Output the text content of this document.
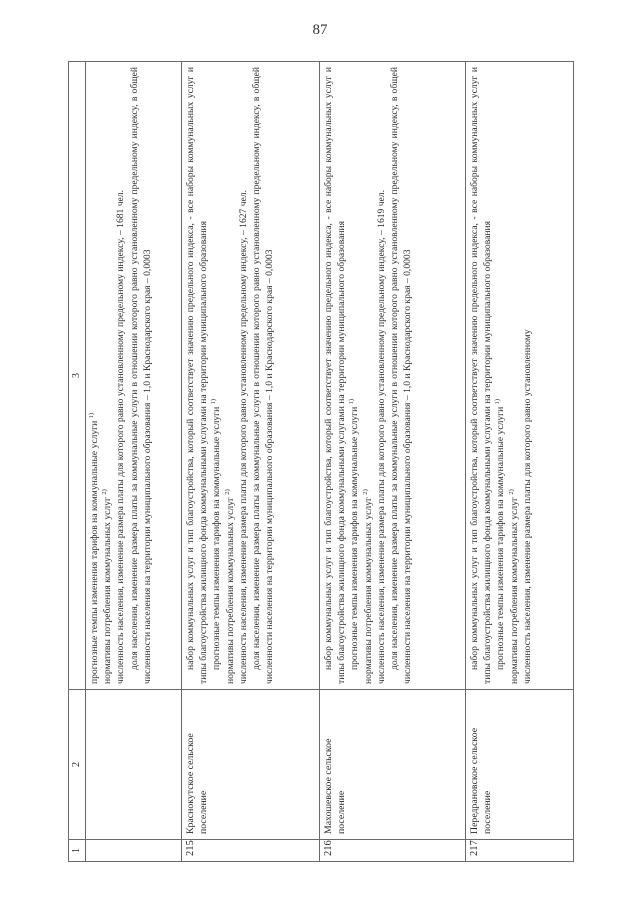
87
1	2	3

		прогнозные темпы изменения тарифов на коммунальные услуги $^{1)}$

нормативы потребления коммунальных услуг $^{2)}$ численность населения, изменение размера платы для которого равно установленному предельному индексу, – 1681 чел. доля населения, изменение размера платы за коммунальные услуги в отношении которого равно установленному предельному индексу, в общей численности населения на территории муниципального образования – 1,0 и Краснодарского края – 0,0003

215	Краснокутское сельское поселение	набор коммунальных услуг и тип благоустройства, который соответствует значению предельного индекса, - все наборы коммунальных услуг и типы благоустройства жилищного фонда коммунальными услугами на территории муниципального образования прогнозные темпы изменения тарифов на коммунальные услуги $^{1)}$

нормативы потребления коммунальных услуг $^{2)}$ численность населения, изменение размера платы для которого равно установленному предельному индексу, – 1627 чел. доля населения, изменение размера платы за коммунальные услуги в отношении которого равно установленному предельному индексу, в общей численности населения на территории муниципального образования – 1,0 и Краснодарского края – 0,0003

216	Махошевское сельское поселение	набор коммунальных услуг и тип благоустройства, который соответствует значению предельного индекса, - все наборы коммунальных услуг и типы благоустройства жилищного фонда коммунальными услугами на территории муниципального образования прогнозные темпы изменения тарифов на коммунальные услуги $^{1)}$

нормативы потребления коммунальных услуг $^{2)}$ численность населения, изменение размера платы для которого равно установленному предельному индексу, – 1619 чел. доля населения, изменение размера платы за коммунальные услуги в отношении которого равно установленному предельному индексу, в общей численности населения на территории муниципального образования – 1,0 и Краснодарского края – 0,0003

217	Передрановское сельское поселение	набор коммунальных услуг и тип благоустройства, который соответствует значению предельного индекса, - все наборы коммунальных услуг и типы благоустройства жилищного фонда коммунальными услугами на территории муниципального образования прогнозные темпы изменения тарифов на коммунальные услуги $^{1)}$

нормативы потребления коммунальных услуг $^{2)}$ численность населения, изменение размера платы для которого равно установленному
